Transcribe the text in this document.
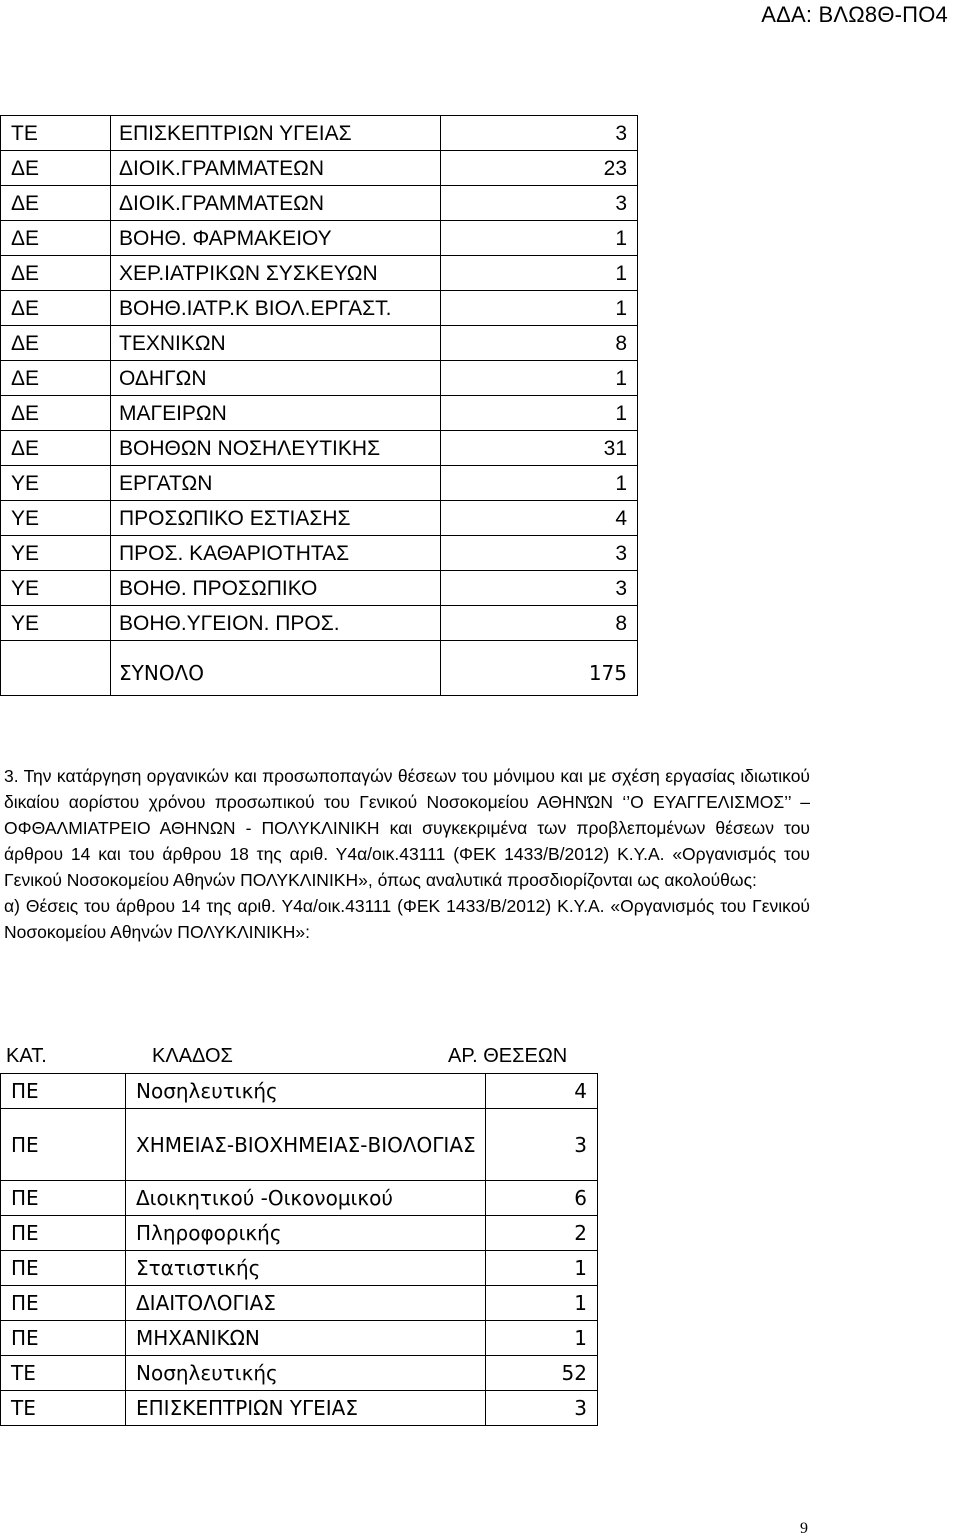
ΑΔΑ: ΒΛΩ8Θ-ΠΟ4
ΤΕ	ΕΠΙΣΚΕΠΤΡΙΩΝ ΥΓΕΙΑΣ	3
ΔΕ	ΔΙΟΙΚ.ΓΡΑΜΜΑΤΕΩΝ	23
ΔΕ	ΔΙΟΙΚ.ΓΡΑΜΜΑΤΕΩΝ	3
ΔΕ	ΒΟΗΘ. ΦΑΡΜΑΚΕΙΟΥ	1
ΔΕ	ΧΕΡ.ΙΑΤΡΙΚΩΝ ΣΥΣΚΕΥΩΝ	1
ΔΕ	ΒΟΗΘ.ΙΑΤΡ.Κ ΒΙΟΛ.ΕΡΓΑΣΤ.	1
ΔΕ	ΤΕΧΝΙΚΩΝ	8
ΔΕ	ΟΔΗΓΩΝ	1
ΔΕ	ΜΑΓΕΙΡΩΝ	1
ΔΕ	ΒΟΗΘΩΝ ΝΟΣΗΛΕΥΤΙΚΗΣ	31
ΥΕ	ΕΡΓΑΤΩΝ	1
ΥΕ	ΠΡΟΣΩΠΙΚΟ ΕΣΤΙΑΣΗΣ	4
ΥΕ	ΠΡΟΣ. ΚΑΘΑΡΙΟΤΗΤΑΣ	3
ΥΕ	ΒΟΗΘ. ΠΡΟΣΩΠΙΚΟ	3
ΥΕ	ΒΟΗΘ.ΥΓΕΙΟΝ. ΠΡΟΣ.	8
	ΣΥΝΟΛΟ	175

3. Την κατάργηση οργανικών και προσωποπαγών θέσεων του μόνιμου και με σχέση εργασίας ιδιωτικού δικαίου αορίστου χρόνου προσωπικού του Γενικού Νοσοκομείου ΑΘΗΝΏΝ ‘’Ο ΕΥΑΓΓΕΛΙΣΜΟΣ’’ – ΟΦΘΑΛΜΙΑΤΡΕΙΟ ΑΘΗΝΩΝ - ΠΟΛΥΚΛΙΝΙΚΗ και συγκεκριμένα των προβλεπομένων θέσεων του άρθρου 14 και του άρθρου 18 της αριθ. Υ4α/οικ.43111 (ΦΕΚ 1433/Β/2012) Κ.Υ.Α. «Οργανισμός του Γενικού Νοσοκομείου Αθηνών ΠΟΛΥΚΛΙΝΙΚΗ», όπως αναλυτικά προσδιορίζονται ως ακολούθως:

α) Θέσεις του άρθρου 14 της αριθ. Υ4α/οικ.43111 (ΦΕΚ 1433/Β/2012) Κ.Υ.Α. «Οργανισμός του Γενικού Νοσοκομείου Αθηνών ΠΟΛΥΚΛΙΝΙΚΗ»:

ΚΑΤ.	ΚΛΑΔΟΣ	ΑΡ. ΘΕΣΕΩΝ
ΠΕ	Νοσηλευτικής	4
ΠΕ	ΧΗΜΕΙΑΣ-ΒΙΟΧΗΜΕΙΑΣ-ΒΙΟΛΟΓΙΑΣ	3
ΠΕ	Διοικητικού -Οικονομικού	6
ΠΕ	Πληροφορικής	2
ΠΕ	Στατιστικής	1
ΠΕ	ΔΙΑΙΤΟΛΟΓΙΑΣ	1
ΠΕ	ΜΗΧΑΝΙΚΩΝ	1
ΤΕ	Νοσηλευτικής	52
ΤΕ	ΕΠΙΣΚΕΠΤΡΙΩΝ ΥΓΕΙΑΣ	3
9
